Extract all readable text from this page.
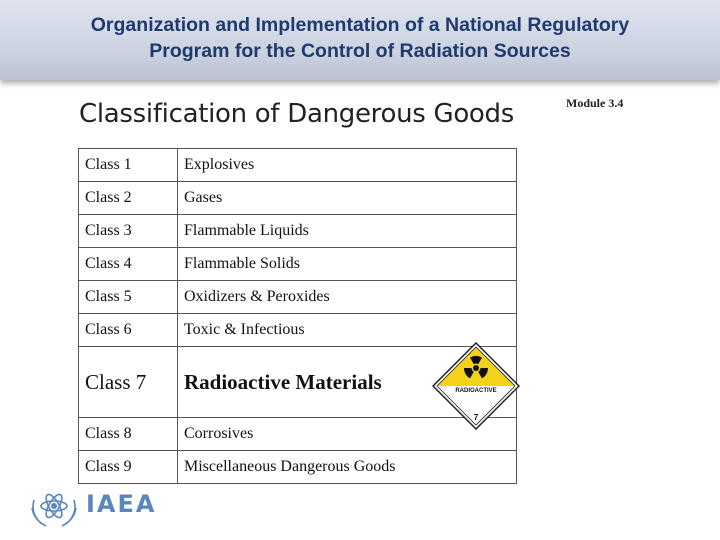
Organization and Implementation of a National Regulatory
Program for the Control of Radiation Sources
Classification of Dangerous Goods	Module 3.4
Class 1	Explosives
Class 2	Gases
Class 3	Flammable Liquids
Class 4	Flammable Solids
Class 5	Oxidizers & Peroxides
Class 6	Toxic & Infectious
Class 7	Radioactive Materials
Class 8	Corrosives
Class 9	Miscellaneous Dangerous Goods
RADIOACTIVE
7
IAEA
